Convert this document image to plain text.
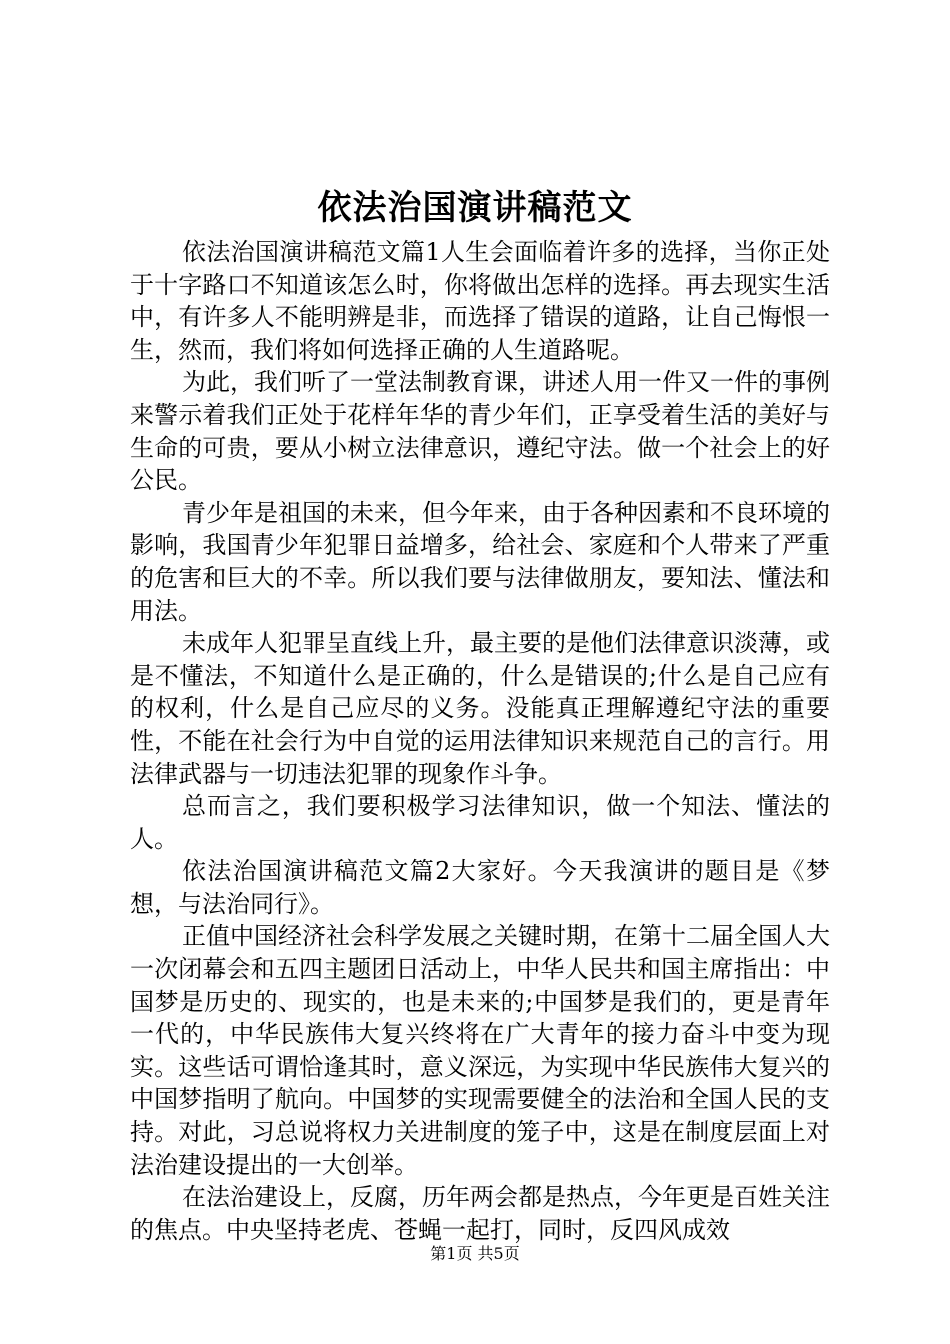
依法治国演讲稿范文

依法治国演讲稿范文篇1人生会面临着许多的选择，当你正处于十字路口不知道该怎么时，你将做出怎样的选择。再去现实生活中，有许多人不能明辨是非，而选择了错误的道路，让自己悔恨一生，然而，我们将如何选择正确的人生道路呢。

为此，我们听了一堂法制教育课，讲述人用一件又一件的事例来警示着我们正处于花样年华的青少年们，正享受着生活的美好与生命的可贵，要从小树立法律意识，遵纪守法。做一个社会上的好公民。

青少年是祖国的未来，但今年来，由于各种因素和不良环境的影响，我国青少年犯罪日益增多，给社会、家庭和个人带来了严重的危害和巨大的不幸。所以我们要与法律做朋友，要知法、懂法和用法。

未成年人犯罪呈直线上升，最主要的是他们法律意识淡薄，或是不懂法，不知道什么是正确的，什么是错误的;什么是自己应有的权利，什么是自己应尽的义务。没能真正理解遵纪守法的重要性，不能在社会行为中自觉的运用法律知识来规范自己的言行。用法律武器与一切违法犯罪的现象作斗争。

总而言之，我们要积极学习法律知识，做一个知法、懂法的人。

依法治国演讲稿范文篇2大家好。今天我演讲的题目是《梦想，与法治同行》。

正值中国经济社会科学发展之关键时期，在第十二届全国人大一次闭幕会和五四主题团日活动上，中华人民共和国主席指出：中国梦是历史的、现实的，也是未来的;中国梦是我们的，更是青年一代的，中华民族伟大复兴终将在广大青年的接力奋斗中变为现实。这些话可谓恰逢其时，意义深远，为实现中华民族伟大复兴的中国梦指明了航向。中国梦的实现需要健全的法治和全国人民的支持。对此，习总说将权力关进制度的笼子中，这是在制度层面上对法治建设提出的一大创举。

在法治建设上，反腐，历年两会都是热点，今年更是百姓关注的焦点。中央坚持老虎、苍蝇一起打，同时，反四风成效

第1页 共5页
